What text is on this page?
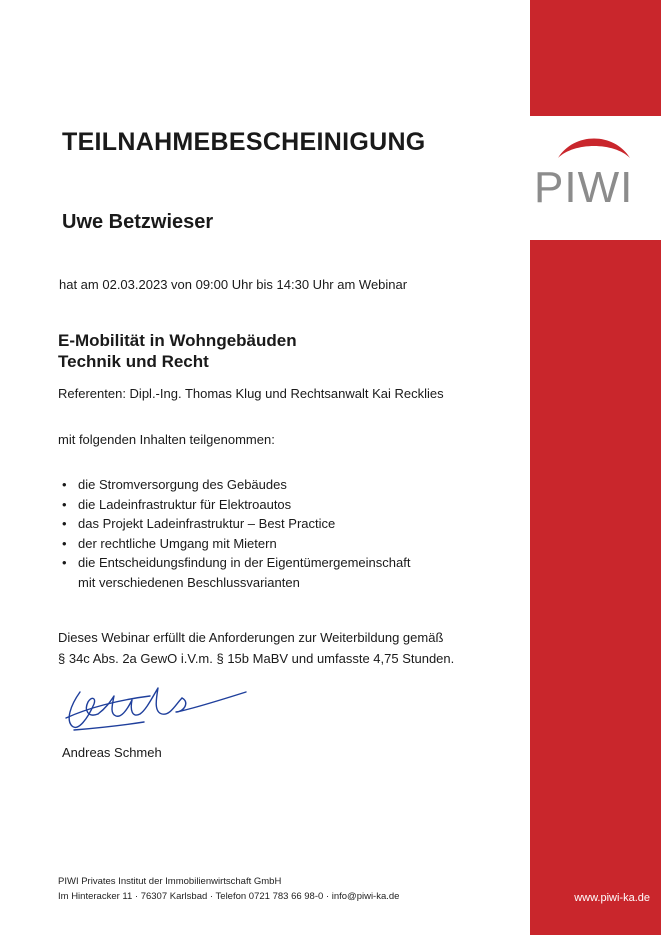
PIWI
www.piwi-ka.de
TEILNAHMEBESCHEINIGUNG
Uwe Betzwieser
hat am 02.03.2023 von 09:00 Uhr bis 14:30 Uhr am Webinar
E-Mobilität in Wohngebäuden
Technik und Recht
Referenten: Dipl.-Ing. Thomas Klug und Rechtsanwalt Kai Recklies
mit folgenden Inhalten teilgenommen:
• die Stromversorgung des Gebäudes
• die Ladeinfrastruktur für Elektroautos
• das Projekt Ladeinfrastruktur – Best Practice
• der rechtliche Umgang mit Mietern
• die Entscheidungsfindung in der Eigentümergemeinschaft
mit verschiedenen Beschlussvarianten
Dieses Webinar erfüllt die Anforderungen zur Weiterbildung gemäß
§ 34c Abs. 2a GewO i.V.m. § 15b MaBV und umfasste 4,75 Stunden.
Andreas Schmeh
PIWI Privates Institut der Immobilienwirtschaft GmbH
Im Hinteracker 11 · 76307 Karlsbad · Telefon 0721 783 66 98-0 · info@piwi-ka.de
